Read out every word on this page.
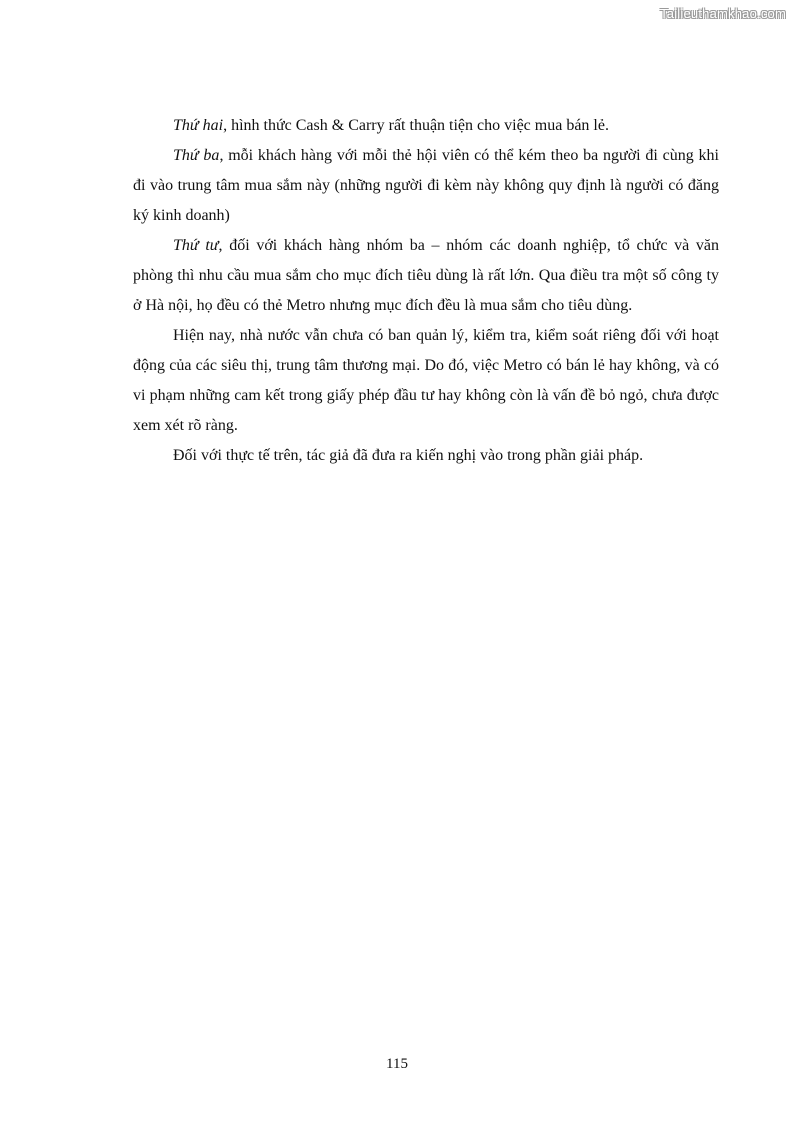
Tailieuthamkhao.com

Thứ hai, hình thức Cash & Carry rất thuận tiện cho việc mua bán lẻ.

Thứ ba, mỗi khách hàng với mỗi thẻ hội viên có thể kém theo ba người đi cùng khi đi vào trung tâm mua sắm này (những người đi kèm này không quy định là người có đăng ký kinh doanh)

Thứ tư, đối với khách hàng nhóm ba – nhóm các doanh nghiệp, tổ chức và văn phòng thì nhu cầu mua sắm cho mục đích tiêu dùng là rất lớn. Qua điều tra một số công ty ở Hà nội, họ đều có thẻ Metro nhưng mục đích đều là mua sắm cho tiêu dùng.

Hiện nay, nhà nước vẫn chưa có ban quản lý, kiểm tra, kiểm soát riêng đối với hoạt động của các siêu thị, trung tâm thương mại. Do đó, việc Metro có bán lẻ hay không, và có vi phạm những cam kết trong giấy phép đầu tư hay không còn là vấn đề bỏ ngỏ, chưa được xem xét rõ ràng.

Đối với thực tế trên, tác giả đã đưa ra kiến nghị vào trong phần giải pháp.

115
